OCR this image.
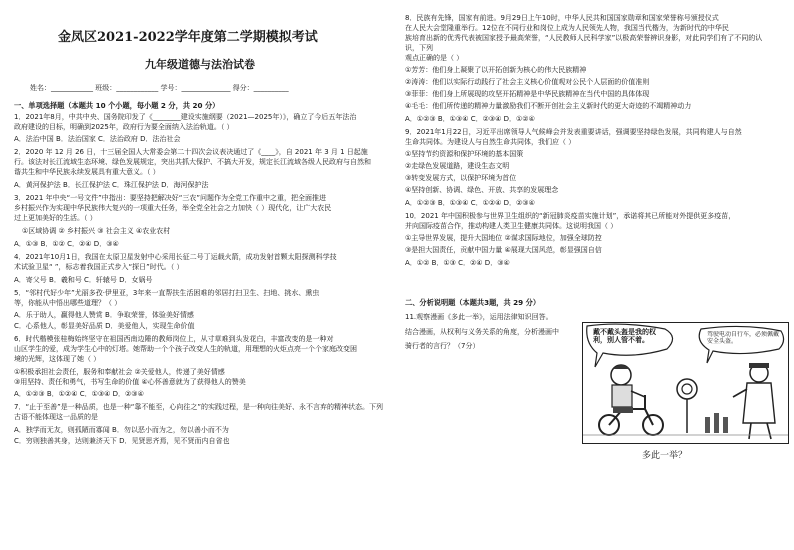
金凤区2021-2022学年度第二学期模拟考试
九年级道德与法治试卷
姓名：____________ 班级：____________ 学号：______________ 得分：__________
一、单项选择题（本题共 10 个小题，每小题 2 分，共 20 分）
1．2021年8月，中共中央、国务院印发了《________建设实施纲要（2021—2025年）》，确立了今后五年法治
政府建设的目标，明确到2025年，政府行为要全面纳入法治轨道。（ ）
A．法治中国 B．法治国家 C．法治政府 D．法治社会
2．2020 年 12 月 26 日，十三届全国人大常委会第二十四次会议表决通过了《____》，自 2021 年 3 月 1 日起施
行。该法对长江流域生态环境、绿色发展规定，突出共抓大保护、不搞大开发，规定长江流域各级人民政府与自然和
谐共生和中华民族永续发展具有重大意义。（ ）
A．黄河保护法 B．长江保护法 C．珠江保护法 D．海河保护法
3．2021 年中央“一号文件”中指出：要坚持把解决好“三农”问题作为全党工作重中之重，把全面推进
乡村振兴作为实现中华民族伟大复兴的一项重大任务，举全党全社会之力加快（ ）现代化，让广大农民
过上更加美好的生活。（ ）
①区域协调 ② 乡村振兴 ③ 社会主义 ④农业农村
A．①③ B．①② C．②④ D．③④
4．2021年10月1日，我国在太原卫星发射中心采用长征二号丁运载火箭，成功发射首颗太阳探测科学技
术试验卫星“ ”，标志着我国正式步入“探日”时代。（ ）
A．寄父号 B．羲和号 C．轩辕号 D．女娲号
5．“邻村代好少年”尤丽多孜·伊里亚，3年来一直帮扶生活困难的邻居打扫卫生、扫地、挑水、熏虫
等，你能从中悟出哪些道理？（ ）
A．乐于助人，赢得他人赞赏 B．争取荣誉，体验美好情感
C．心系他人，彰显美好品质 D．美爱他人，实现生命价值
6．时代楷模张桂梅始终坚守在祖国西南边陲的教师岗位上，从寸草难到头发花白，丰富改变的是一种对
山区学生的爱，成为学生心中的灯塔。她帮助一个个孩子改变人生的轨道，用理想的火炬点亮一个个家庭改变困
境的光辉，这体现了她（ ）
①积极承担社会责任，服务和奉献社会 ②关爱他人，传递了美好情感
③用坚持、责任和勇气，书写生命的价值 ④心怀善意就为了获得他人的赞美
A．①②③ B．①②④ C．①③④ D．②③④
7．“止于至善”是一种品质，也是一种“靠不能至，心向往之”的实践过程，是一种向往美好、永不言弃的精神状态。下列
古语不能体现这一品质的是
A．独学而无友，则孤陋而寡闻 B．勿以恶小而为之，勿以善小而不为
C．穷则独善其身，达则兼济天下 D．见贤思齐焉，见不贤而内自省也
8．民族有先锋，国家有前进。9月29日上午10时，中华人民共和国国家勋章和国家荣誉称号颁授仪式
在人民大会堂隆重举行。12位在不同行业和岗位上成为人民领先人物，我国当代楷为，为新时代的中华民
族培育出新的优秀代表被国家授予最高荣誉，“人民教师人民科学家”以极高荣誉辨识身影，对此同学们有了不同的认
识，下列
观点正确的是（ ）
①芳芳：他们身上凝聚了以开拓创新为核心的伟大民族精神
②涛涛：他们以实际行动践行了社会主义核心价值观对公民个人层面的价值准则
③菲菲：他们身上所展现的攻坚开拓精神是中华民族精神在当代中国的具体体现
④毛毛：他们所传递的精神力量激励我们不断开创社会主义新时代的更大奇迹的不竭精神动力
A．①②③ B．①③④ C．②③④ D．①②④
9．2021年1月22日，习近平出席领导人气候峰会并发表重要讲话，强调要坚持绿色发展，共同构建人与自然
生命共同体。为建设人与自然生命共同体，我们应（ ）
①坚持节约资源和保护环境的基本国策
②走绿色发展道路，建设生态文明
③转变发展方式，以保护环境为首位
④坚持创新、协调、绿色、开放、共享的发展理念
A．①②③ B．①③④ C．①②④ D．②③④
10．2021 年中国积极参与世界卫生组织的“新冠肺炎疫苗实施计划”，承诺将其已所能对外提供更多疫苗，
并向国际疫苗合作，推动构建人类卫生健康共同体。这说明我国（ ）
①主导世界发展，提升大国地位 ②谋求国际地位，加强全球防控
③是担大国责任，贡献中国力量 ④展现大国风范，彰显强国自信
A．①② B．①③ C．②④ D．③④
二、分析说明题（本题共3题，共 29 分）
11.观察漫画《多此一举》，运用法律知识回答。
结合漫画，从权利与义务关系的角度，分析漫画中
骑行者的言行？（7分）
戴不戴头盔是我的权利，别人管不着。
驾驶电动自行车，必须佩戴安全头盔。
多此一举？
